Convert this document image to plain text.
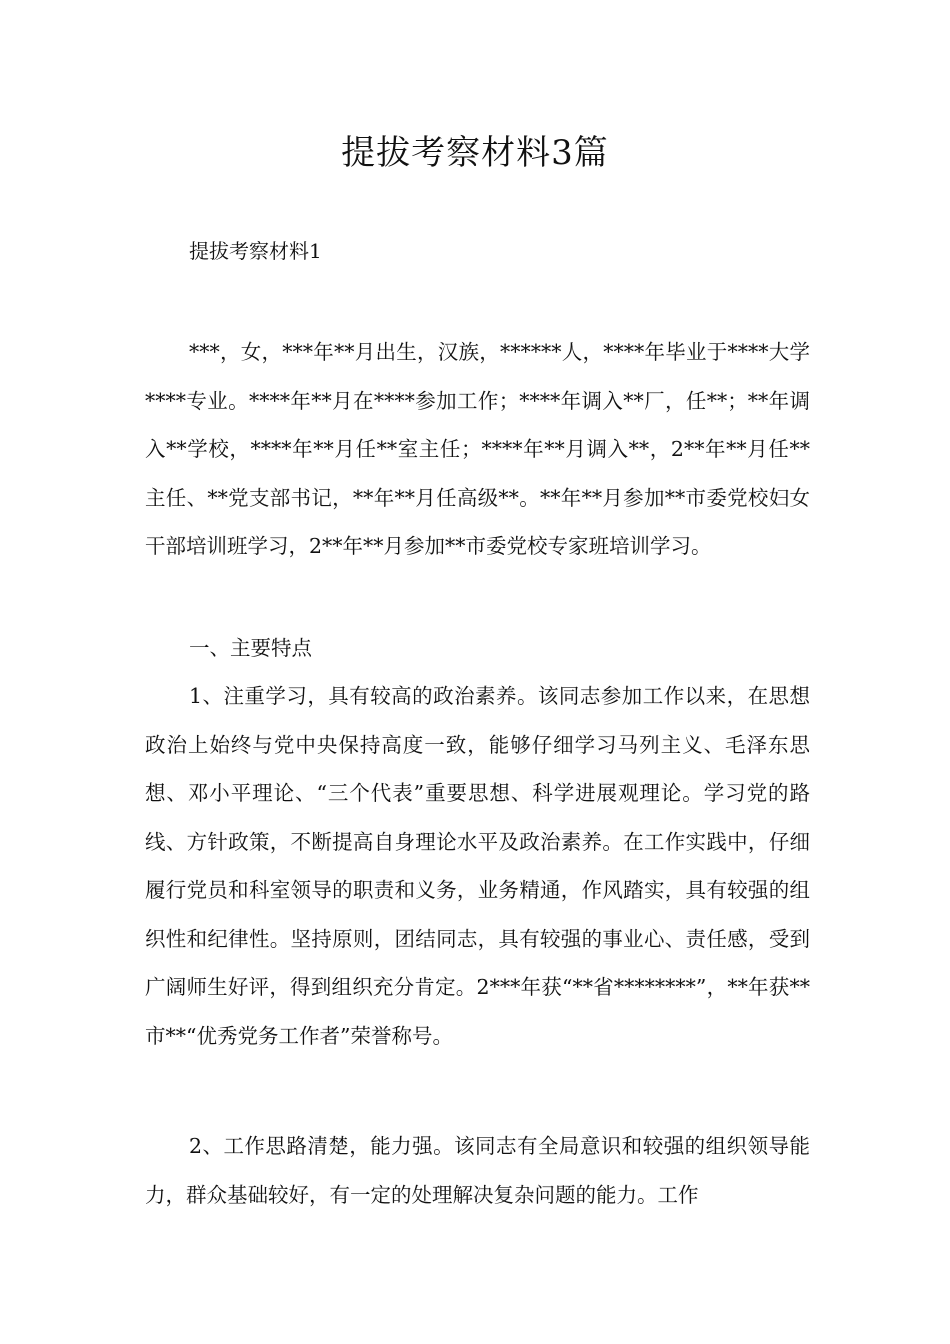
提拔考察材料3篇

提拔考察材料1

***，女，***年**月出生，汉族，******人，****年毕业于****大学****专业。****年**月在****参加工作；****年调入**厂，任**；**年调入**学校，****年**月任**室主任；****年**月调入**，2**年**月任**主任、**党支部书记，**年**月任高级**。**年**月参加**市委党校妇女干部培训班学习，2**年**月参加**市委党校专家班培训学习。

一、主要特点

1、注重学习，具有较高的政治素养。该同志参加工作以来，在思想政治上始终与党中央保持高度一致，能够仔细学习马列主义、毛泽东思想、邓小平理论、“三个代表”重要思想、科学进展观理论。学习党的路线、方针政策，不断提高自身理论水平及政治素养。在工作实践中，仔细履行党员和科室领导的职责和义务，业务精通，作风踏实，具有较强的组织性和纪律性。坚持原则，团结同志，具有较强的事业心、责任感，受到广阔师生好评，得到组织充分肯定。2***年获“**省********”，**年获**市**“优秀党务工作者”荣誉称号。

2、工作思路清楚，能力强。该同志有全局意识和较强的组织领导能力，群众基础较好，有一定的处理解决复杂问题的能力。工作
